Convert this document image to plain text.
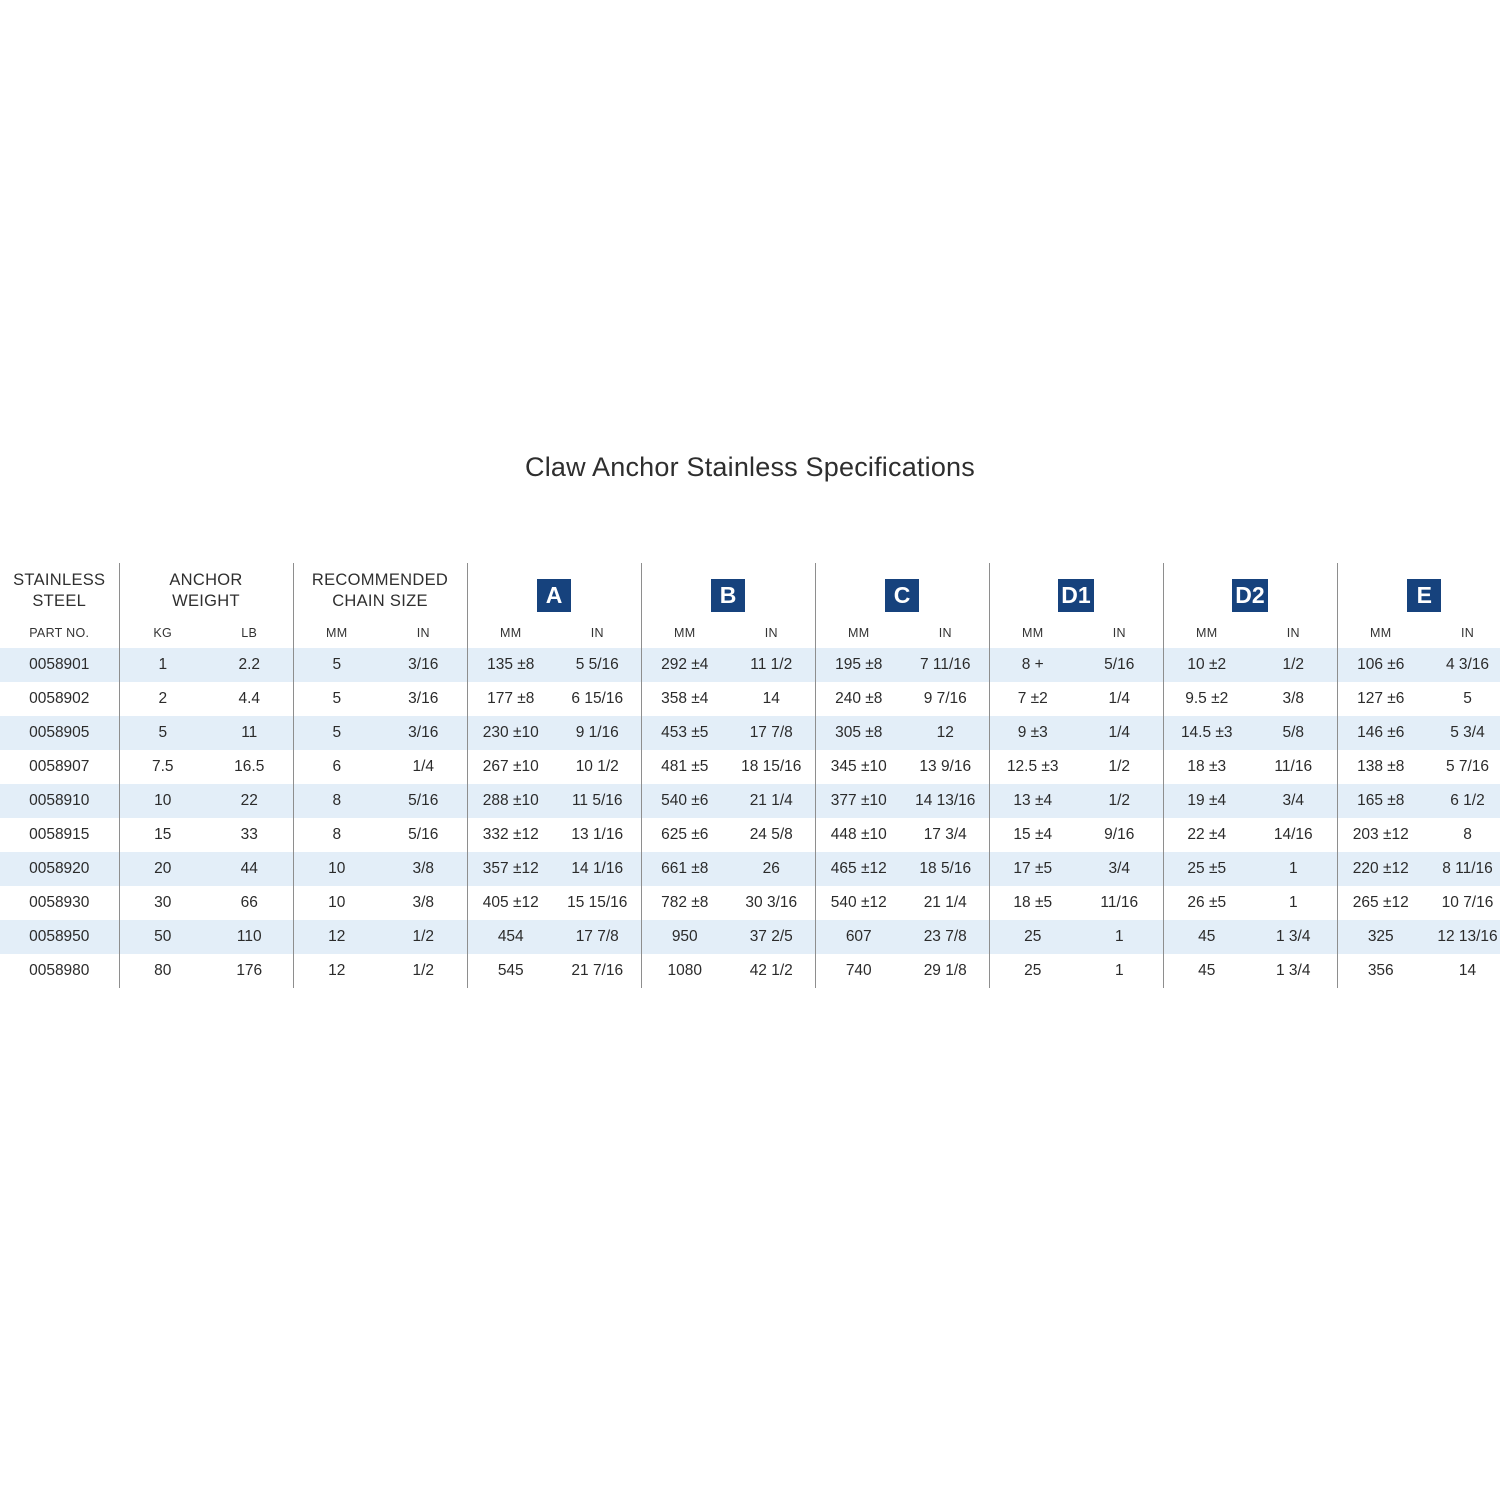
Claw Anchor Stainless Specifications
STAINLESS
STEEL	ANCHOR
WEIGHT		RECOMMENDED
CHAIN SIZE		A		B		C		D1		D2		E	
PART NO.	KG	LB	MM	IN	MM	IN	MM	IN	MM	IN	MM	IN	MM	IN	MM	IN
0058901	1	2.2	5	3/16	135 ±8	5 5/16	292 ±4	11 1/2	195 ±8	7 11/16	8 +	5/16	10 ±2	1/2	106 ±6	4 3/16
0058902	2	4.4	5	3/16	177 ±8	6 15/16	358 ±4	14	240 ±8	9 7/16	7 ±2	1/4	9.5 ±2	3/8	127 ±6	5
0058905	5	11	5	3/16	230 ±10	9 1/16	453 ±5	17 7/8	305 ±8	12	9 ±3	1/4	14.5 ±3	5/8	146 ±6	5 3/4
0058907	7.5	16.5	6	1/4	267 ±10	10 1/2	481 ±5	18 15/16	345 ±10	13 9/16	12.5 ±3	1/2	18 ±3	11/16	138 ±8	5 7/16
0058910	10	22	8	5/16	288 ±10	11 5/16	540 ±6	21 1/4	377 ±10	14 13/16	13 ±4	1/2	19 ±4	3/4	165 ±8	6 1/2
0058915	15	33	8	5/16	332 ±12	13 1/16	625 ±6	24 5/8	448 ±10	17 3/4	15 ±4	9/16	22 ±4	14/16	203 ±12	8
0058920	20	44	10	3/8	357 ±12	14 1/16	661 ±8	26	465 ±12	18 5/16	17 ±5	3/4	25 ±5	1	220 ±12	8 11/16
0058930	30	66	10	3/8	405 ±12	15 15/16	782 ±8	30 3/16	540 ±12	21 1/4	18 ±5	11/16	26 ±5	1	265 ±12	10 7/16
0058950	50	110	12	1/2	454	17 7/8	950	37 2/5	607	23 7/8	25	1	45	1 3/4	325	12 13/16
0058980	80	176	12	1/2	545	21 7/16	1080	42 1/2	740	29 1/8	25	1	45	1 3/4	356	14
